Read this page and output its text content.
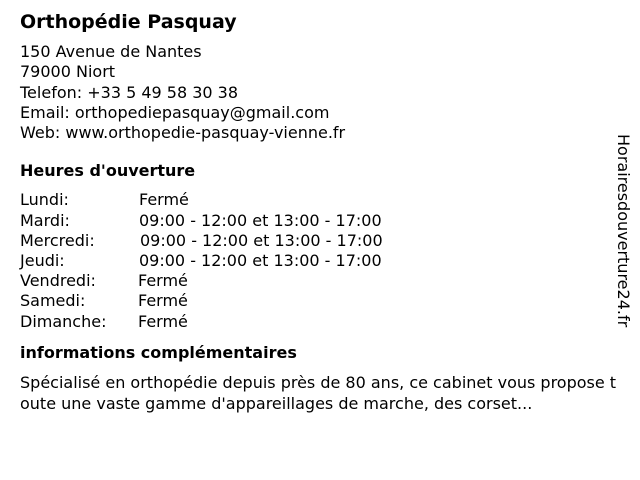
Orthopédie Pasquay
150 Avenue de Nantes
79000 Niort
Telefon: +33 5 49 58 30 38
Email: orthopediepasquay@gmail.com
Web: www.orthopedie-pasquay-vienne.fr
Heures d'ouverture
Lundi:	Fermé
Mardi:	09:00 - 12:00 et 13:00 - 17:00
Mercredi:	09:00 - 12:00 et 13:00 - 17:00
Jeudi:	09:00 - 12:00 et 13:00 - 17:00
Vendredi:	Fermé
Samedi:	Fermé
Dimanche: Fermé
informations complémentaires

Spécialisé en orthopédie depuis près de 80 ans, ce cabinet vous propose toute une vaste gamme d'appareillages de marche, des corset...

Horairesdouverture24.fr
